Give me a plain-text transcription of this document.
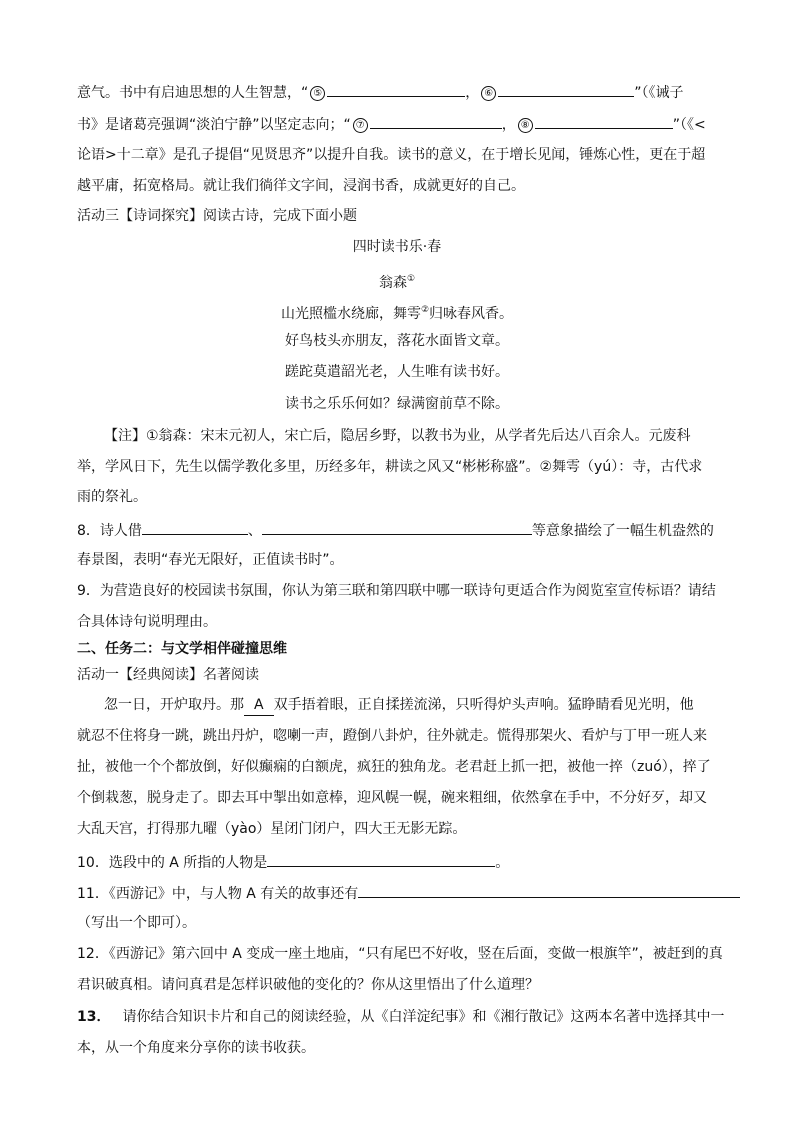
意气。书中有启迪思想的人生智慧，“ ⑤	， ⑥	”（《诫子
书》是诸葛亮强调“淡泊宁静”以坚定志向；“ ⑦	， ⑧	”（《<
论语>十二章》是孔子提倡“见贤思齐”以提升自我。读书的意义，在于增长见闻，锤炼心性，更在于超
越平庸，拓宽格局。就让我们徜徉文字间，浸润书香，成就更好的自己。
活动三【诗词探究】阅读古诗，完成下面小题
四时读书乐·春
翁森①
山光照槛水绕廊，舞雩②归咏春风香。
好鸟枝头亦朋友，落花水面皆文章。
蹉跎莫遣韶光老，人生唯有读书好。
读书之乐乐何如？绿满窗前草不除。
【注】①翁森：宋末元初人，宋亡后，隐居乡野，以教书为业，从学者先后达八百余人。元废科
举，学风日下，先生以儒学教化多里，历经多年，耕读之风又“彬彬称盛”。②舞雩（yú）：寺，古代求
雨的祭礼。
8．诗人借	、	等意象描绘了一幅生机盎然的
春景图，表明“春光无限好，正值读书时”。
9．为营造良好的校园读书氛围，你认为第三联和第四联中哪一联诗句更适合作为阅览室宣传标语？请结
合具体诗句说明理由。
二、任务二：与文学相伴碰撞思维
活动一【经典阅读】名著阅读
忽一日，开炉取丹。那 A 双手捂着眼，正自揉搓流涕，只听得炉头声响。猛睁睛看见光明，他
就忍不住将身一跳，跳出丹炉，唿喇一声，蹬倒八卦炉，往外就走。慌得那架火、看炉与丁甲一班人来
扯，被他一个个都放倒，好似癫痫的白额虎，疯狂的独角龙。老君赶上抓一把，被他一捽（zuó），捽了
个倒栽葱，脱身走了。即去耳中掣出如意棒，迎风幌一幌，碗来粗细，依然拿在手中，不分好歹，却又
大乱天宫，打得那九曜（yào）星闭门闭户，四大王无影无踪。
10．选段中的 A 所指的人物是	。
11．《西游记》中，与人物 A 有关的故事还有
（写出一个即可）。
12．《西游记》第六回中 A 变成一座土地庙，“只有尾巴不好收，竖在后面，变做一根旗竿”，被赶到的真
君识破真相。请问真君是怎样识破他的变化的？你从这里悟出了什么道理？
13． 请你结合知识卡片和自己的阅读经验，从《白洋淀纪事》和《湘行散记》这两本名著中选择其中一
本，从一个角度来分享你的读书收获。
